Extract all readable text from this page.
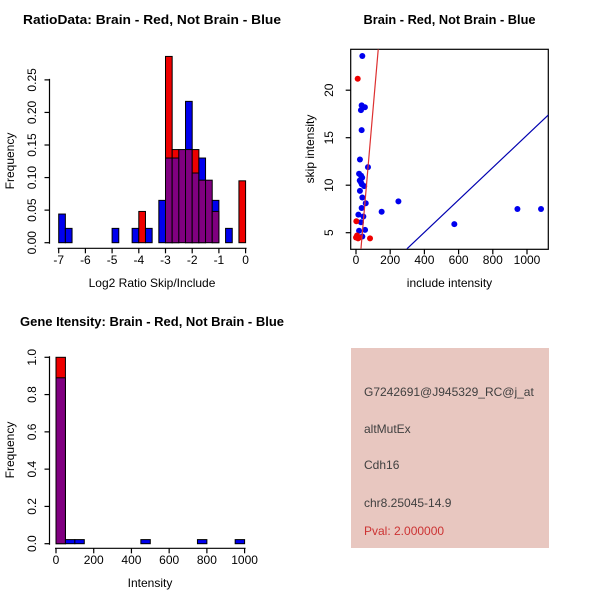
-7 -6 -5 -4 -3 -2 -1 0
0.00
0.05
0.10
0.15
0.20
0.25
RatioData: Brain - Red, Not Brain - Blue
Log2 Ratio Skip/Include
Frequency
0 200 400 600 800 1000
5
10
15
20
Brain - Red, Not Brain - Blue
include intensity
skip intensity
0 200 400 600 800 1000
0.0
0.2
0.4
0.6
0.8
1.0
Gene Itensity: Brain - Red, Not Brain - Blue
Intensity
Frequency
G7242691@J945329_RC@j_at
altMutEx
Cdh16
chr8.25045-14.9
Pval: 2.000000
